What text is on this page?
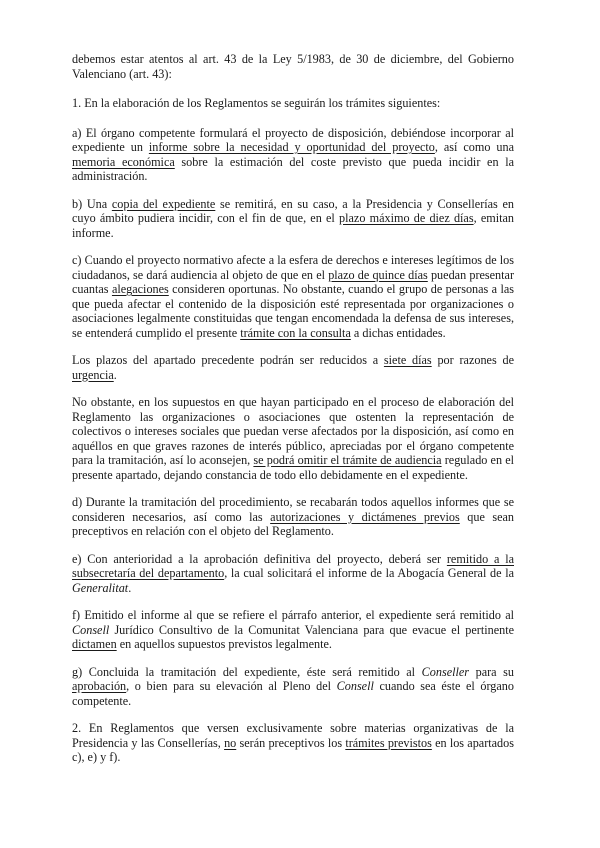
debemos estar atentos al art. 43 de la Ley 5/1983, de 30 de diciembre, del Gobierno Valenciano (art. 43):

1. En la elaboración de los Reglamentos se seguirán los trámites siguientes:

a) El órgano competente formulará el proyecto de disposición, debiéndose incorporar al expediente un informe sobre la necesidad y oportunidad del proyecto, así como una memoria económica sobre la estimación del coste previsto que pueda incidir en la administración.

b) Una copia del expediente se remitirá, en su caso, a la Presidencia y Consellerías en cuyo ámbito pudiera incidir, con el fin de que, en el plazo máximo de diez días, emitan informe.

c) Cuando el proyecto normativo afecte a la esfera de derechos e intereses legítimos de los ciudadanos, se dará audiencia al objeto de que en el plazo de quince días puedan presentar cuantas alegaciones consideren oportunas. No obstante, cuando el grupo de personas a las que pueda afectar el contenido de la disposición esté representada por organizaciones o asociaciones legalmente constituidas que tengan encomendada la defensa de sus intereses, se entenderá cumplido el presente trámite con la consulta a dichas entidades.

Los plazos del apartado precedente podrán ser reducidos a siete días por razones de urgencia.

No obstante, en los supuestos en que hayan participado en el proceso de elaboración del Reglamento las organizaciones o asociaciones que ostenten la representación de colectivos o intereses sociales que puedan verse afectados por la disposición, así como en aquéllos en que graves razones de interés público, apreciadas por el órgano competente para la tramitación, así lo aconsejen, se podrá omitir el trámite de audiencia regulado en el presente apartado, dejando constancia de todo ello debidamente en el expediente.

d) Durante la tramitación del procedimiento, se recabarán todos aquellos informes que se consideren necesarios, así como las autorizaciones y dictámenes previos que sean preceptivos en relación con el objeto del Reglamento.

e) Con anterioridad a la aprobación definitiva del proyecto, deberá ser remitido a la subsecretaría del departamento, la cual solicitará el informe de la Abogacía General de la Generalitat.

f) Emitido el informe al que se refiere el párrafo anterior, el expediente será remitido al Consell Jurídico Consultivo de la Comunitat Valenciana para que evacue el pertinente dictamen en aquellos supuestos previstos legalmente.

g) Concluida la tramitación del expediente, éste será remitido al Conseller para su aprobación, o bien para su elevación al Pleno del Consell cuando sea éste el órgano competente.

2. En Reglamentos que versen exclusivamente sobre materias organizativas de la Presidencia y las Consellerías, no serán preceptivos los trámites previstos en los apartados c), e) y f).
